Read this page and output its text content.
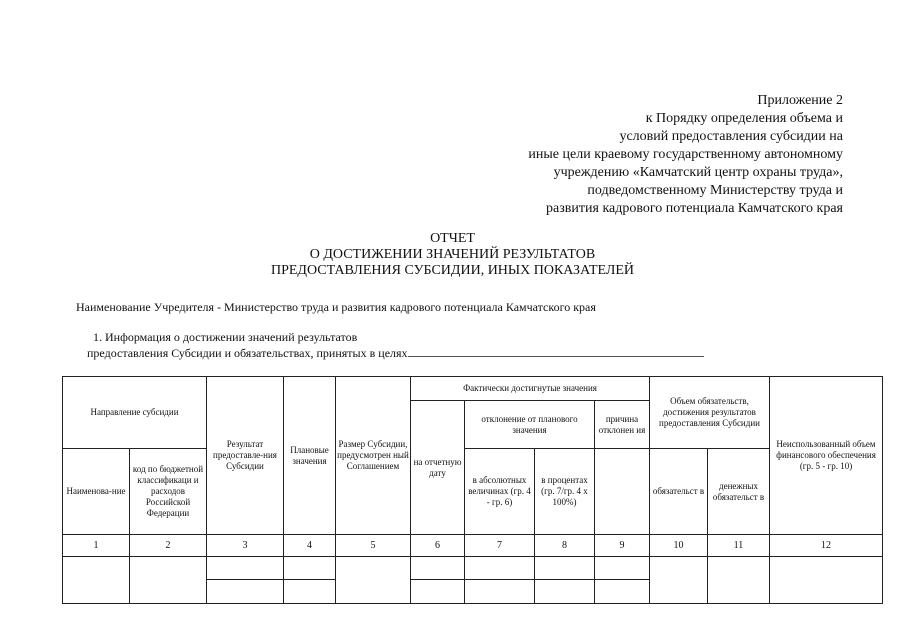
Приложение 2
к Порядку определения объема и
условий предоставления субсидии на
иные цели краевому государственному автономному
учреждению «Камчатский центр охраны труда»,
подведомственному Министерству труда и
развития кадрового потенциала Камчатского края
ОТЧЕТ
О ДОСТИЖЕНИИ ЗНАЧЕНИЙ РЕЗУЛЬТАТОВ
ПРЕДОСТАВЛЕНИЯ СУБСИДИИ, ИНЫХ ПОКАЗАТЕЛЕЙ
Наименование Учредителя - Министерство труда и развития кадрового потенциала Камчатского края
1. Информация о достижении значений результатов
предоставления Субсидии и обязательствах, принятых в целях
Направление субсидии		Результат предоставле-ния Субсидии	Плановые значения	Размер Субсидии, предусмотрен ный Соглашением	Фактически достигнутые значения				Объем обязательств, достижения результатов предоставления Субсидии		Неиспользованный объем финансового обеспечения (гр. 5 - гр. 10)
					на отчетную дату	отклонение от планового значения		причина отклонен ия			
Наименова-ние	код по бюджетной классификаци и расходов Российской Федерации					в абсолютных величинах (гр. 4 - гр. 6)	в процентах (гр. 7/гр. 4 х 100%)		обязательст в	денежных обязательст в	
1	2	3	4	5	6	7	8	9	10	11	12
